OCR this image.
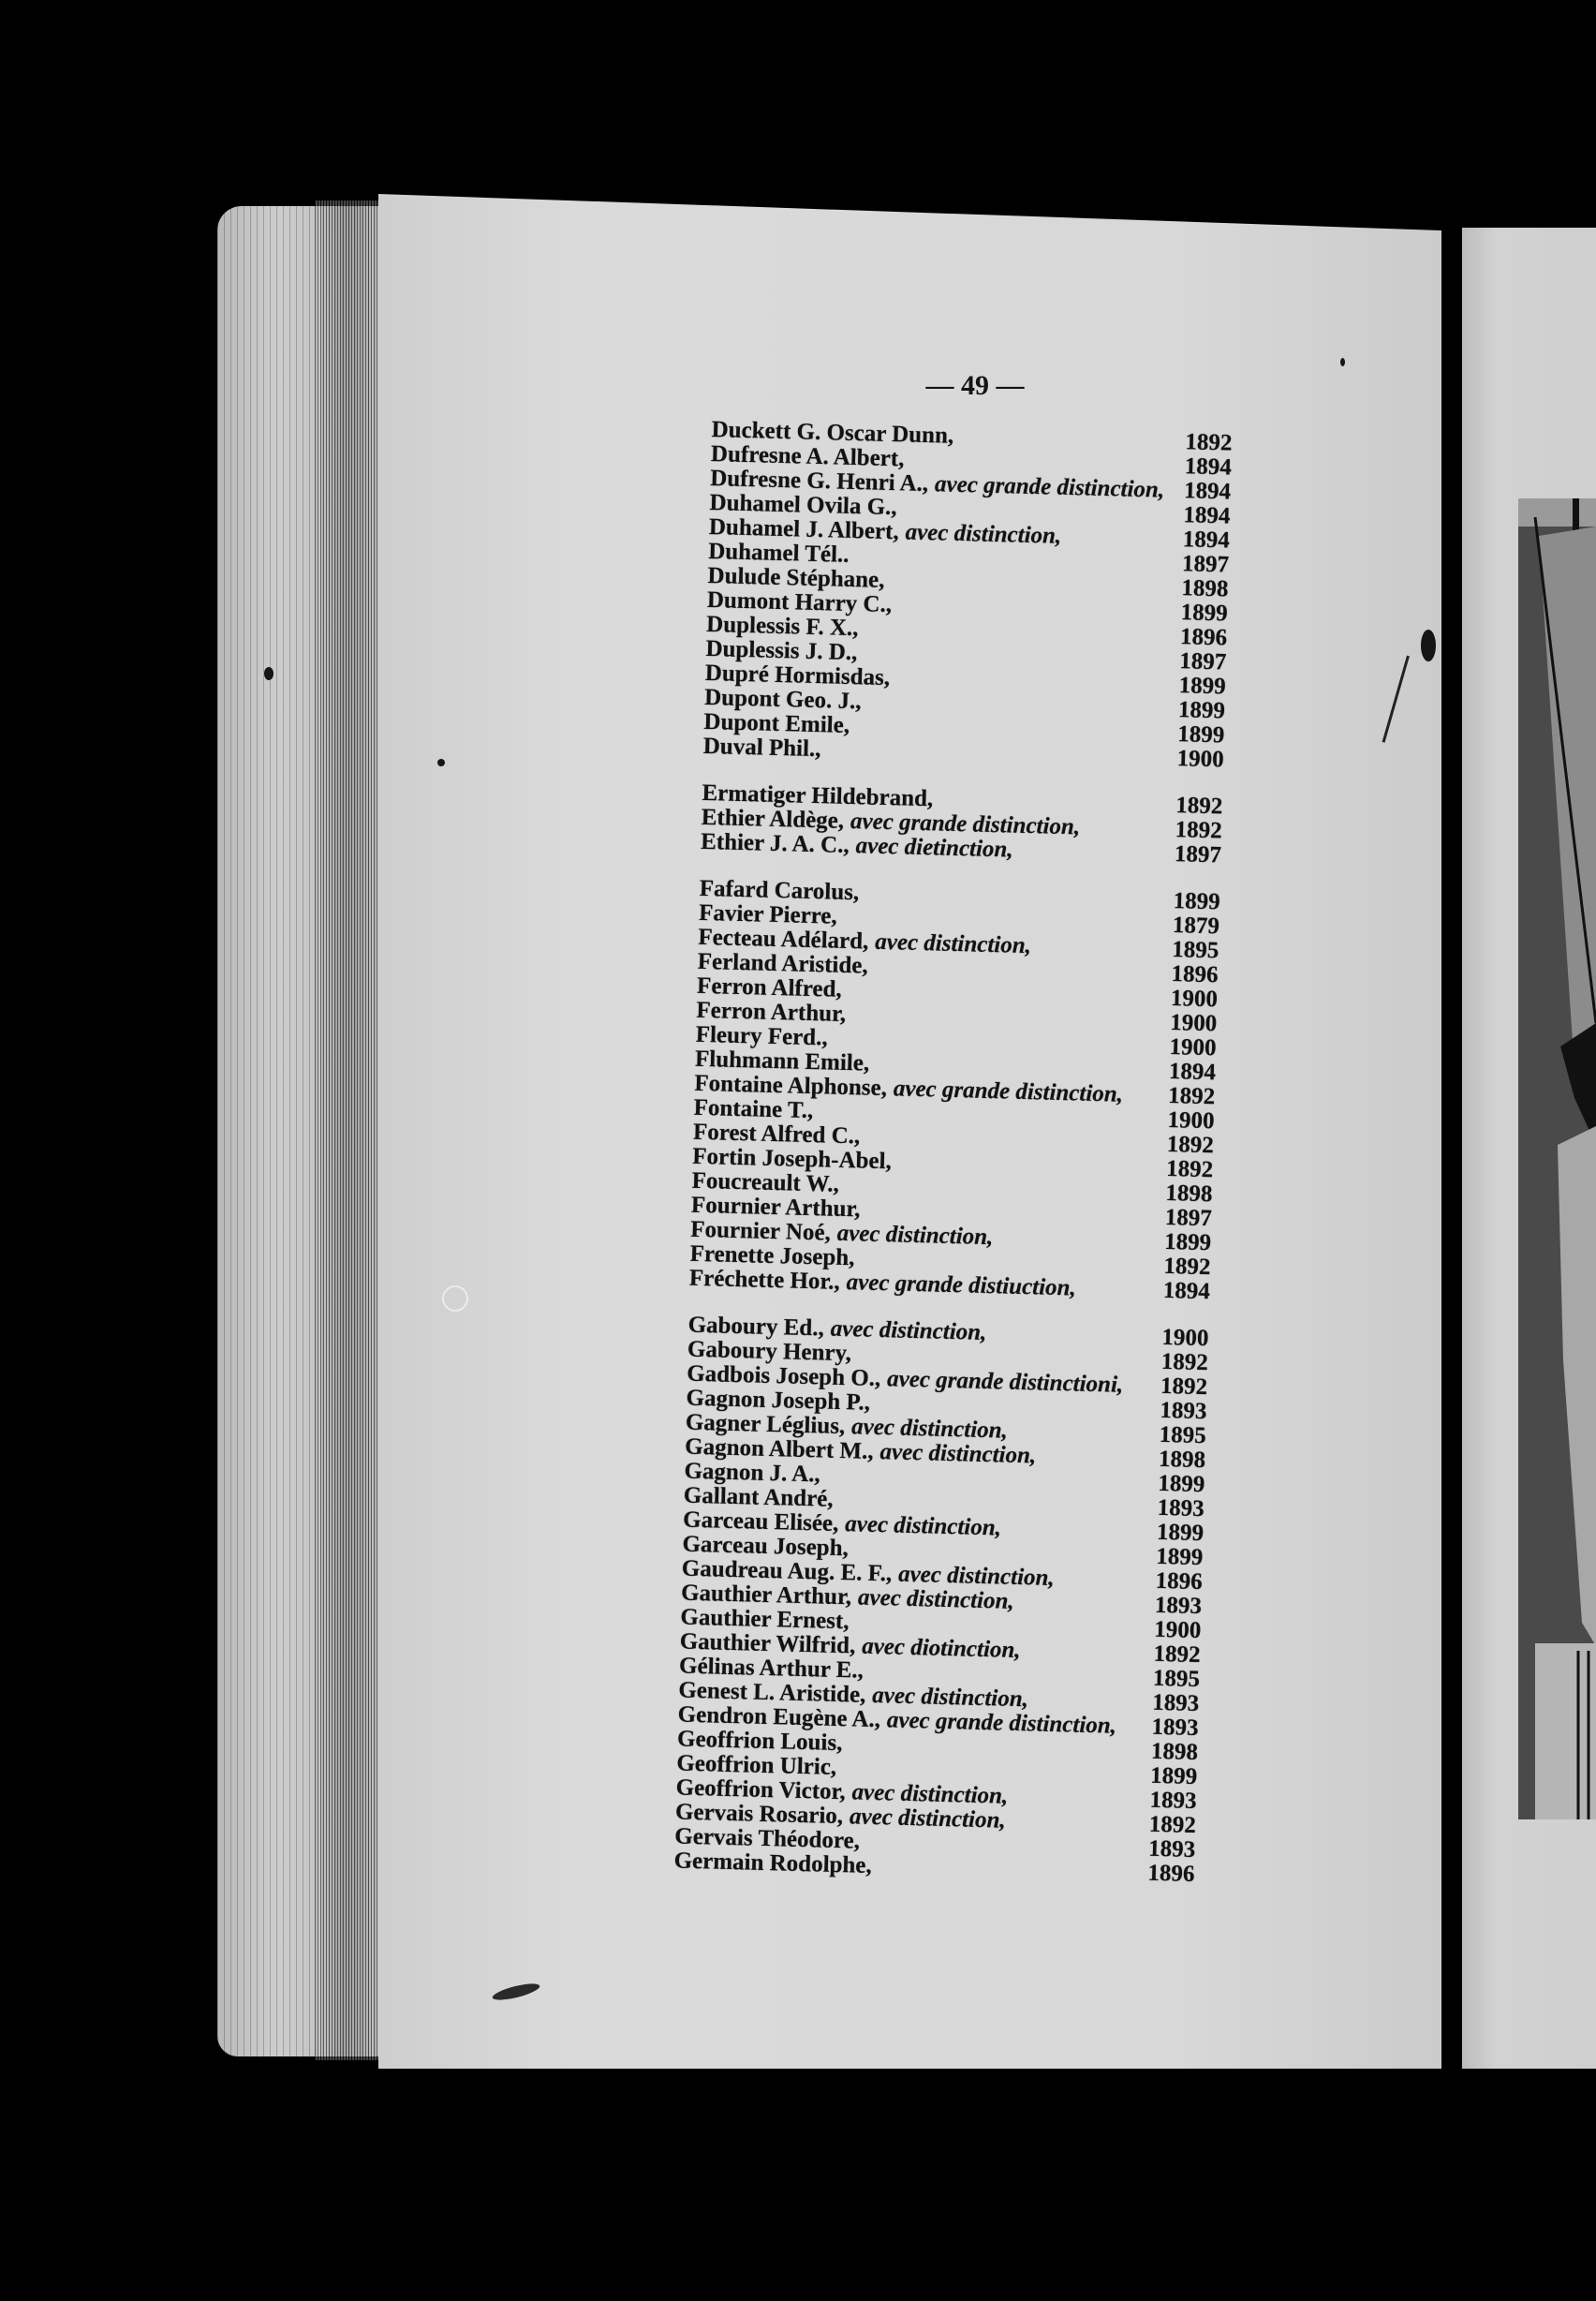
— 49 —
Duckett G. Oscar Dunn,	1892
Dufresne A. Albert,	1894
Dufresne G. Henri A., avec grande distinction, 1894
Duhamel Ovila G.,	1894
Duhamel J. Albert, avec distinction,	1894
Duhamel Tél..	1897
Dulude Stéphane,	1898
Dumont Harry C.,	1899
Duplessis F. X.,	1896
Duplessis J. D.,	1897
Dupré Hormisdas,	1899
Dupont Geo. J.,	1899
Dupont Emile,	1899
Duval Phil.,	1900
Ermatiger Hildebrand,	1892
Ethier Aldège, avec grande distinction,	1892
Ethier J. A. C., avec dietinction,	1897
Fafard Carolus,	1899
Favier Pierre,	1879
Fecteau Adélard, avec distinction,	1895
Ferland Aristide,	1896
Ferron Alfred,	1900
Ferron Arthur,	1900
Fleury Ferd.,	1900
Fluhmann Emile,	1894
Fontaine Alphonse, avec grande distinction, 1892
Fontaine T.,	1900
Forest Alfred C.,	1892
Fortin Joseph-Abel,	1892
Foucreault W.,	1898
Fournier Arthur,	1897
Fournier Noé, avec distinction,	1899
Frenette Joseph,	1892
Fréchette Hor., avec grande distiuction,	1894
Gaboury Ed., avec distinction,	1900
Gaboury Henry,	1892
Gadbois Joseph O., avec grande distinctioni, 1892
Gagnon Joseph P.,	1893
Gagner Léglius, avec distinction,	1895
Gagnon Albert M., avec distinction,	1898
Gagnon J. A.,	1899
Gallant André,	1893
Garceau Elisée, avec distinction,	1899
Garceau Joseph,	1899
Gaudreau Aug. E. F., avec distinction,	1896
Gauthier Arthur, avec distinction,	1893
Gauthier Ernest,	1900
Gauthier Wilfrid, avec diotinction,	1892
Gélinas Arthur E.,	1895
Genest L. Aristide, avec distinction,	1893
Gendron Eugène A., avec grande distinction, 1893
Geoffrion Louis,	1898
Geoffrion Ulric,	1899
Geoffrion Victor, avec distinction,	1893
Gervais Rosario, avec distinction,	1892
Gervais Théodore,	1893
Germain Rodolphe,	1896
